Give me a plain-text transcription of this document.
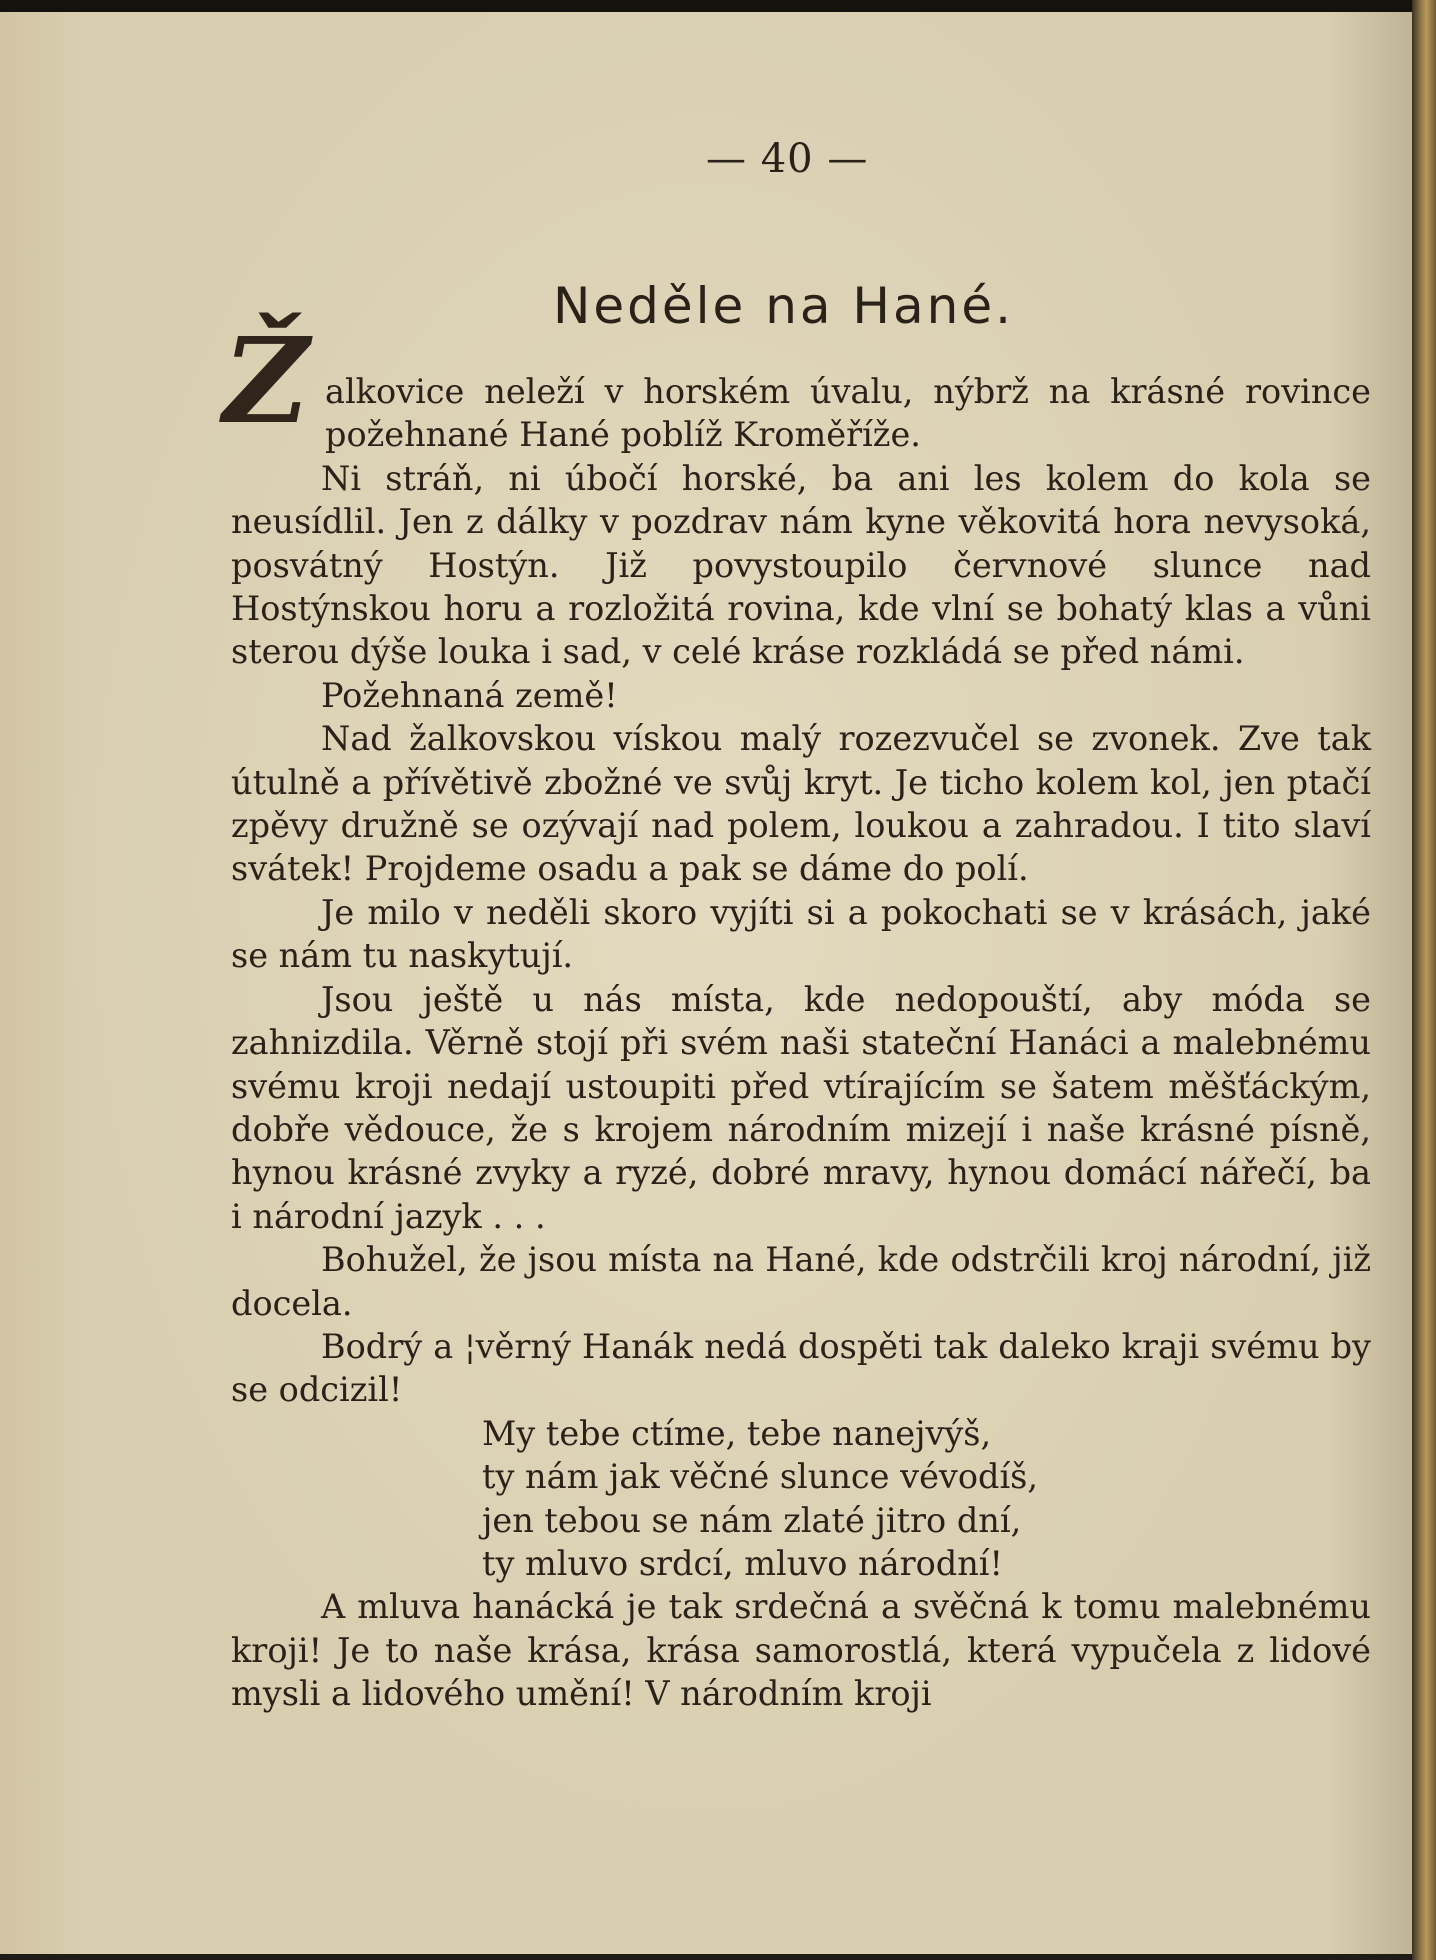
— 40 —
Neděle na Hané.

Ž alkovice neleží v horském úvalu, nýbrž na krásné rovince požehnané Hané poblíž Kroměříže.

Ni stráň, ni úbočí horské, ba ani les kolem do kola se neusídlil. Jen z dálky v pozdrav nám kyne věkovitá hora nevysoká, posvátný Hostýn. Již povystoupilo červnové slunce nad Hostýnskou horu a rozložitá rovina, kde vlní se bohatý klas a vůni sterou dýše louka i sad, v celé kráse rozkládá se před námi.

Požehnaná země!

Nad žalkovskou vískou malý rozezvučel se zvonek. Zve tak útulně a přívětivě zbožné ve svůj kryt. Je ticho kolem kol, jen ptačí zpěvy družně se ozývají nad polem, loukou a zahradou. I tito slaví svátek! Projdeme osadu a pak se dáme do polí.

Je milo v neděli skoro vyjíti si a pokochati se v krásách, jaké se nám tu naskytují.

Jsou ještě u nás místa, kde nedopouští, aby móda se zahnizdila. Věrně stojí při svém naši stateční Hanáci a malebnému svému kroji nedají ustoupiti před vtírajícím se šatem měšťáckým, dobře vědouce, že s krojem národním mizejí i naše krásné písně, hynou krásné zvyky a ryzé, dobré mravy, hynou domácí nářečí, ba i národní jazyk . . .

Bohužel, že jsou místa na Hané, kde odstrčili kroj národní, již docela.

Bodrý a ¦věrný Hanák nedá dospěti tak daleko kraji svému by se odcizil!

My tebe ctíme, tebe nanejvýš,
ty nám jak věčné slunce vévodíš,
jen tebou se nám zlaté jitro dní,
ty mluvo srdcí, mluvo národní!

A mluva hanácká je tak srdečná a svěčná k tomu malebnému kroji! Je to naše krása, krása samorostlá, která vypučela z lidové mysli a lidového umění! V národním kroji
